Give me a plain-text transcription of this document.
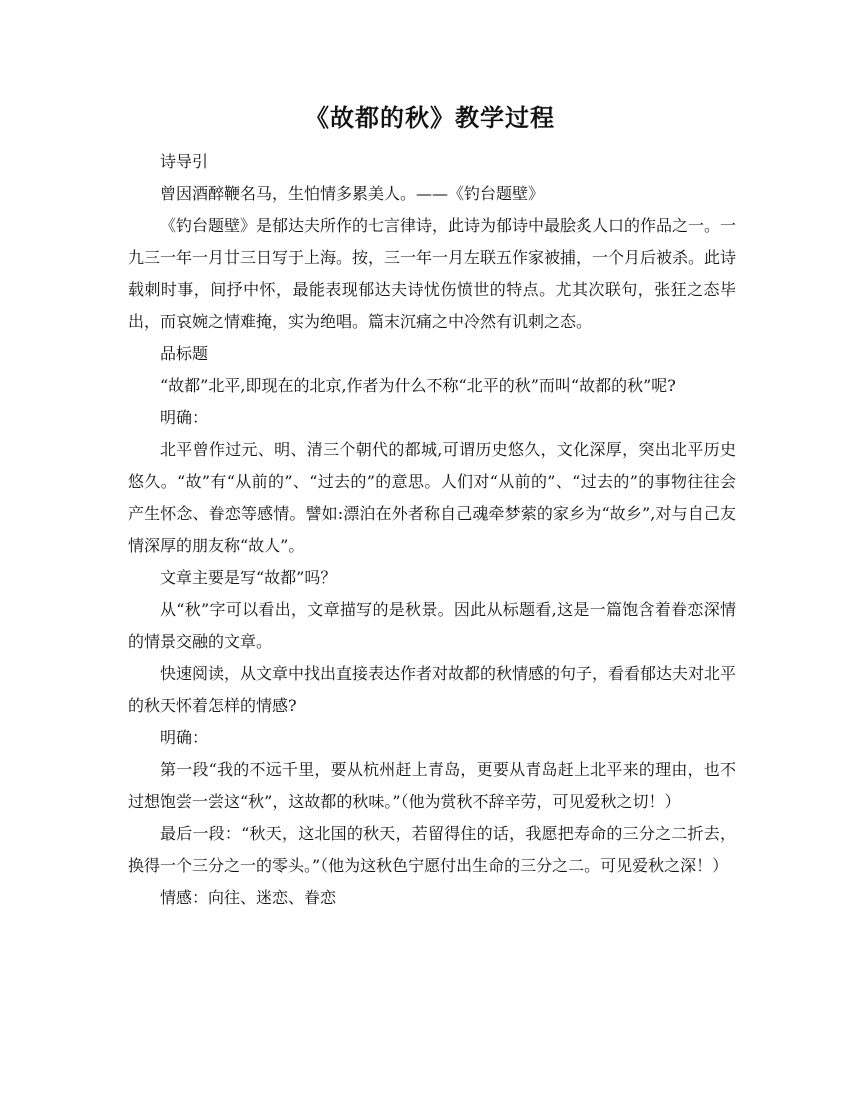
《故都的秋》教学过程

诗导引

曾因酒醉鞭名马，生怕情多累美人。——《钓台题壁》

《钓台题壁》是郁达夫所作的七言律诗，此诗为郁诗中最脍炙人口的作品之一。一九三一年一月廿三日写于上海。按，三一年一月左联五作家被捕，一个月后被杀。此诗载刺时事，间抒中怀，最能表现郁达夫诗忧伤愤世的特点。尤其次联句，张狂之态毕出，而哀婉之情难掩，实为绝唱。篇末沉痛之中冷然有讥刺之态。

品标题

“故都”北平,即现在的北京,作者为什么不称“北平的秋”而叫“故都的秋”呢?

明确：

北平曾作过元、明、清三个朝代的都城,可谓历史悠久，文化深厚，突出北平历史悠久。“故”有“从前的”、“过去的”的意思。人们对“从前的”、“过去的”的事物往往会产生怀念、眷恋等感情。譬如:漂泊在外者称自己魂牵梦萦的家乡为“故乡”,对与自己友情深厚的朋友称“故人”。

文章主要是写“故都”吗？

从“秋”字可以看出，文章描写的是秋景。因此从标题看,这是一篇饱含着眷恋深情的情景交融的文章。

快速阅读，从文章中找出直接表达作者对故都的秋情感的句子，看看郁达夫对北平的秋天怀着怎样的情感?

明确：

第一段“我的不远千里，要从杭州赶上青岛，更要从青岛赶上北平来的理由，也不过想饱尝一尝这“秋”，这故都的秋味。”（他为赏秋不辞辛劳，可见爱秋之切！）

最后一段：“秋天，这北国的秋天，若留得住的话，我愿把寿命的三分之二折去，换得一个三分之一的零头。”（他为这秋色宁愿付出生命的三分之二。可见爱秋之深！）

情感：向往、迷恋、眷恋
